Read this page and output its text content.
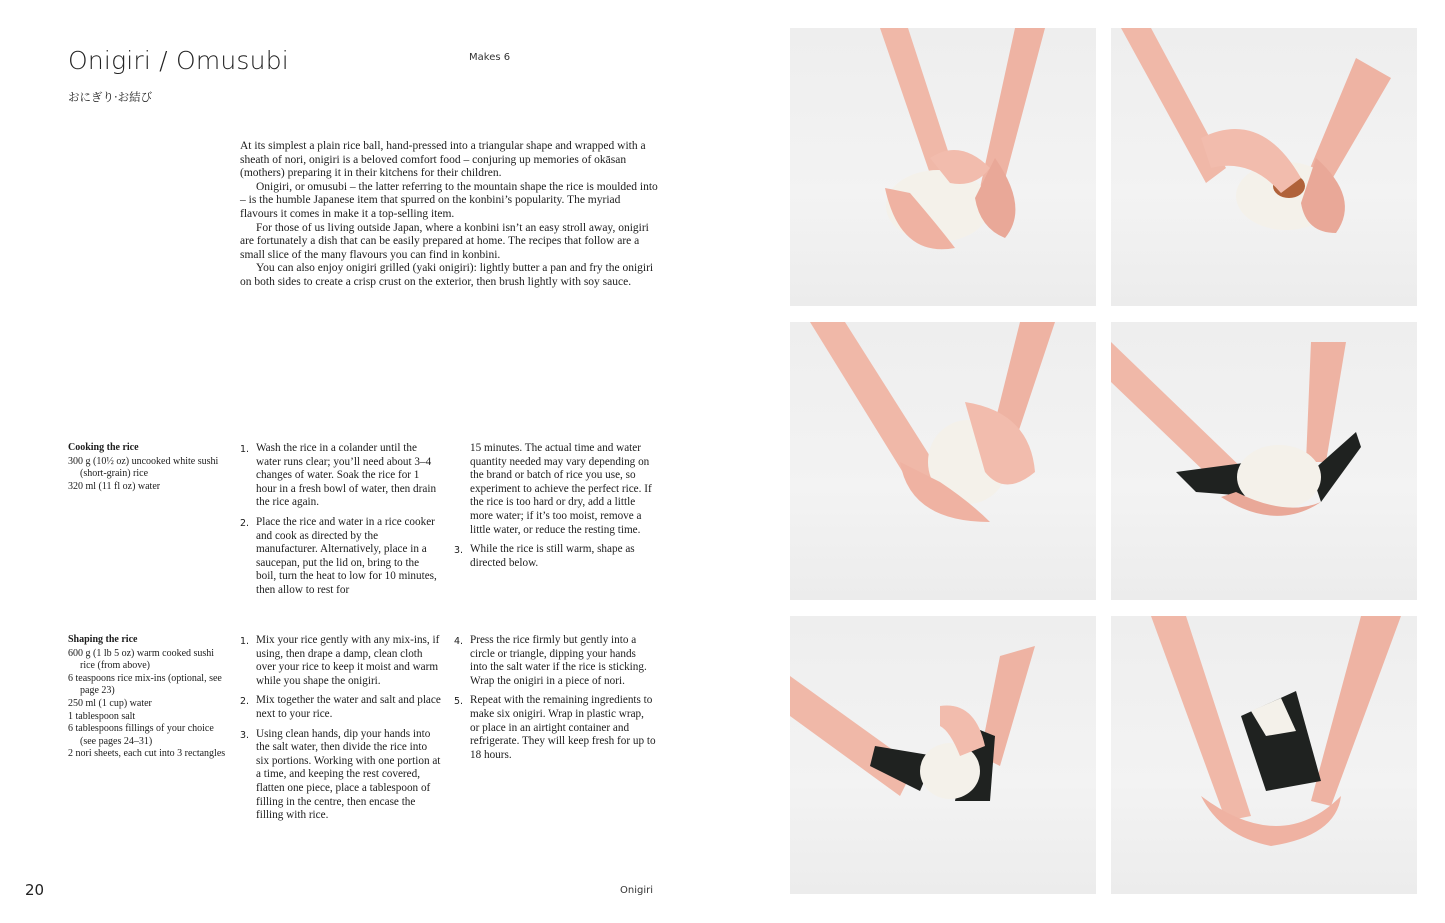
Onigiri / Omusubi
おにぎり·お結び
Makes 6

At its simplest a plain rice ball, hand-pressed into a triangular shape and wrapped with a sheath of nori, onigiri is a beloved comfort food – conjuring up memories of okāsan (mothers) preparing it in their kitchens for their children.

Onigiri, or omusubi – the latter referring to the mountain shape the rice is moulded into – is the humble Japanese item that spurred on the konbini’s popularity. The myriad flavours it comes in make it a top-selling item.

For those of us living outside Japan, where a konbini isn’t an easy stroll away, onigiri are fortunately a dish that can be easily prepared at home. The recipes that follow are a small slice of the many flavours you can find in konbini.

You can also enjoy onigiri grilled (yaki onigiri): lightly butter a pan and fry the onigiri on both sides to create a crisp crust on the exterior, then brush lightly with soy sauce.

Cooking the rice
300 g (10½ oz) uncooked white sushi (short-grain) rice
320 ml (11 fl oz) water
1. Wash the rice in a colander until the water runs clear; you’ll need about 3–4 changes of water. Soak the rice for 1 hour in a fresh bowl of water, then drain the rice again.
2. Place the rice and water in a rice cooker and cook as directed by the manufacturer. Alternatively, place in a saucepan, put the lid on, bring to the boil, turn the heat to low for 10 minutes, then allow to rest for
15 minutes. The actual time and water quantity needed may vary depending on the brand or batch of rice you use, so experiment to achieve the perfect rice. If the rice is too hard or dry, add a little more water; if it’s too moist, remove a little water, or reduce the resting time.
3. While the rice is still warm, shape as directed below.
Shaping the rice
600 g (1 lb 5 oz) warm cooked sushi rice (from above)
6 teaspoons rice mix-ins (optional, see page 23)
250 ml (1 cup) water
1 tablespoon salt
6 tablespoons fillings of your choice (see pages 24–31)
2 nori sheets, each cut into 3 rectangles
1. Mix your rice gently with any mix-ins, if using, then drape a damp, clean cloth over your rice to keep it moist and warm while you shape the onigiri.
2. Mix together the water and salt and place next to your rice.
3. Using clean hands, dip your hands into the salt water, then divide the rice into six portions. Working with one portion at a time, and keeping the rest covered, flatten one piece, place a tablespoon of filling in the centre, then encase the filling with rice.
4. Press the rice firmly but gently into a circle or triangle, dipping your hands into the salt water if the rice is sticking. Wrap the onigiri in a piece of nori.
5. Repeat with the remaining ingredients to make six onigiri. Wrap in plastic wrap, or place in an airtight container and refrigerate. They will keep fresh for up to 18 hours.
20	Onigiri
